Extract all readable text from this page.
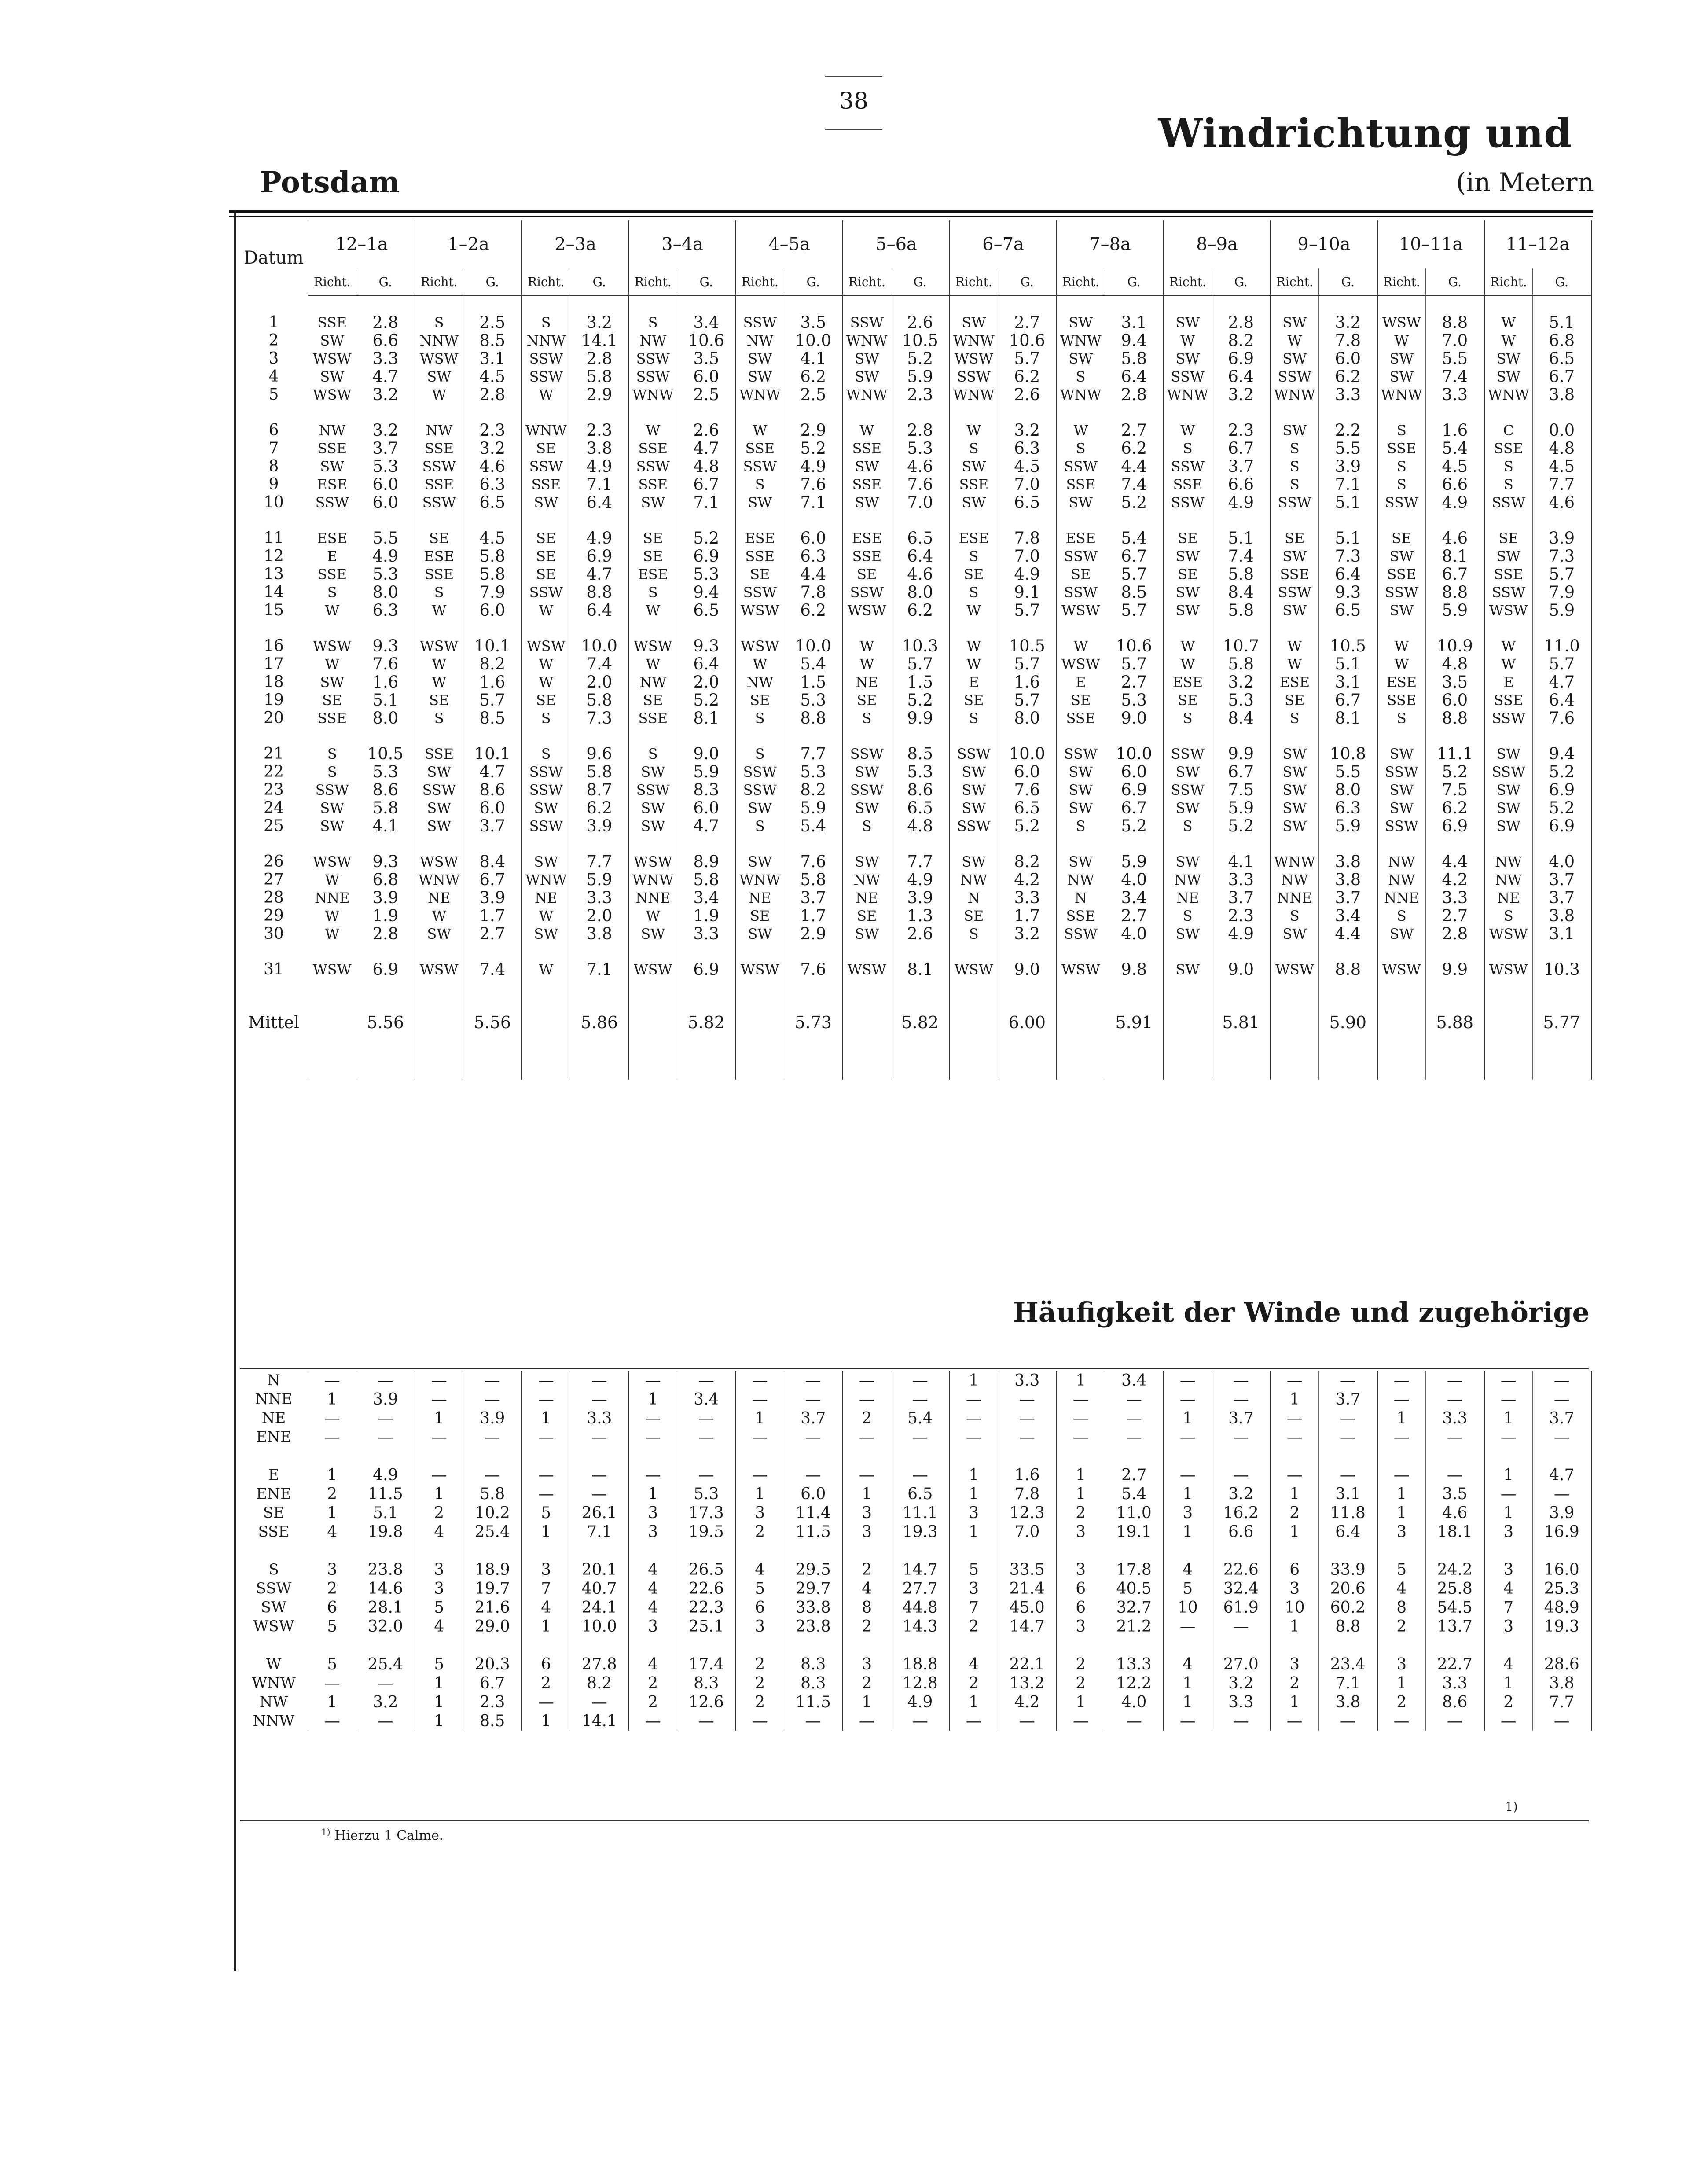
38
Windrichtung und
(in Metern
Potsdam
Datum	12–1a		1–2a		2–3a		3–4a		4–5a		5–6a		6–7a		7–8a		8–9a		9–10a		10–11a		11–12a	
	Richt.	G.	Richt.	G.	Richt.	G.	Richt.	G.	Richt.	G.	Richt.	G.	Richt.	G.	Richt.	G.	Richt.	G.	Richt.	G.	Richt.	G.	Richt.	G.

1	SSE	2.8	S	2.5	S	3.2	S	3.4	SSW	3.5	SSW	2.6	SW	2.7	SW	3.1	SW	2.8	SW	3.2	WSW	8.8	W	5.1
2	SW	6.6	NNW	8.5	NNW	14.1	NW	10.6	NW	10.0	WNW	10.5	WNW	10.6	WNW	9.4	W	8.2	W	7.8	W	7.0	W	6.8
3	WSW	3.3	WSW	3.1	SSW	2.8	SSW	3.5	SW	4.1	SW	5.2	WSW	5.7	SW	5.8	SW	6.9	SW	6.0	SW	5.5	SW	6.5
4	SW	4.7	SW	4.5	SSW	5.8	SSW	6.0	SW	6.2	SW	5.9	SSW	6.2	S	6.4	SSW	6.4	SSW	6.2	SW	7.4	SW	6.7
5	WSW	3.2	W	2.8	W	2.9	WNW	2.5	WNW	2.5	WNW	2.3	WNW	2.6	WNW	2.8	WNW	3.2	WNW	3.3	WNW	3.3	WNW	3.8

6	NW	3.2	NW	2.3	WNW	2.3	W	2.6	W	2.9	W	2.8	W	3.2	W	2.7	W	2.3	SW	2.2	S	1.6	C	0.0
7	SSE	3.7	SSE	3.2	SE	3.8	SSE	4.7	SSE	5.2	SSE	5.3	S	6.3	S	6.2	S	6.7	S	5.5	SSE	5.4	SSE	4.8
8	SW	5.3	SSW	4.6	SSW	4.9	SSW	4.8	SSW	4.9	SW	4.6	SW	4.5	SSW	4.4	SSW	3.7	S	3.9	S	4.5	S	4.5
9	ESE	6.0	SSE	6.3	SSE	7.1	SSE	6.7	S	7.6	SSE	7.6	SSE	7.0	SSE	7.4	SSE	6.6	S	7.1	S	6.6	S	7.7
10	SSW	6.0	SSW	6.5	SW	6.4	SW	7.1	SW	7.1	SW	7.0	SW	6.5	SW	5.2	SSW	4.9	SSW	5.1	SSW	4.9	SSW	4.6

11	ESE	5.5	SE	4.5	SE	4.9	SE	5.2	ESE	6.0	ESE	6.5	ESE	7.8	ESE	5.4	SE	5.1	SE	5.1	SE	4.6	SE	3.9
12	E	4.9	ESE	5.8	SE	6.9	SE	6.9	SSE	6.3	SSE	6.4	S	7.0	SSW	6.7	SW	7.4	SW	7.3	SW	8.1	SW	7.3
13	SSE	5.3	SSE	5.8	SE	4.7	ESE	5.3	SE	4.4	SE	4.6	SE	4.9	SE	5.7	SE	5.8	SSE	6.4	SSE	6.7	SSE	5.7
14	S	8.0	S	7.9	SSW	8.8	S	9.4	SSW	7.8	SSW	8.0	S	9.1	SSW	8.5	SW	8.4	SSW	9.3	SSW	8.8	SSW	7.9
15	W	6.3	W	6.0	W	6.4	W	6.5	WSW	6.2	WSW	6.2	W	5.7	WSW	5.7	SW	5.8	SW	6.5	SW	5.9	WSW	5.9

16	WSW	9.3	WSW	10.1	WSW	10.0	WSW	9.3	WSW	10.0	W	10.3	W	10.5	W	10.6	W	10.7	W	10.5	W	10.9	W	11.0
17	W	7.6	W	8.2	W	7.4	W	6.4	W	5.4	W	5.7	W	5.7	WSW	5.7	W	5.8	W	5.1	W	4.8	W	5.7
18	SW	1.6	W	1.6	W	2.0	NW	2.0	NW	1.5	NE	1.5	E	1.6	E	2.7	ESE	3.2	ESE	3.1	ESE	3.5	E	4.7
19	SE	5.1	SE	5.7	SE	5.8	SE	5.2	SE	5.3	SE	5.2	SE	5.7	SE	5.3	SE	5.3	SE	6.7	SSE	6.0	SSE	6.4
20	SSE	8.0	S	8.5	S	7.3	SSE	8.1	S	8.8	S	9.9	S	8.0	SSE	9.0	S	8.4	S	8.1	S	8.8	SSW	7.6

21	S	10.5	SSE	10.1	S	9.6	S	9.0	S	7.7	SSW	8.5	SSW	10.0	SSW	10.0	SSW	9.9	SW	10.8	SW	11.1	SW	9.4
22	S	5.3	SW	4.7	SSW	5.8	SW	5.9	SSW	5.3	SW	5.3	SW	6.0	SW	6.0	SW	6.7	SW	5.5	SSW	5.2	SSW	5.2
23	SSW	8.6	SSW	8.6	SSW	8.7	SSW	8.3	SSW	8.2	SSW	8.6	SW	7.6	SW	6.9	SSW	7.5	SW	8.0	SW	7.5	SW	6.9
24	SW	5.8	SW	6.0	SW	6.2	SW	6.0	SW	5.9	SW	6.5	SW	6.5	SW	6.7	SW	5.9	SW	6.3	SW	6.2	SW	5.2
25	SW	4.1	SW	3.7	SSW	3.9	SW	4.7	S	5.4	S	4.8	SSW	5.2	S	5.2	S	5.2	SW	5.9	SSW	6.9	SW	6.9

26	WSW	9.3	WSW	8.4	SW	7.7	WSW	8.9	SW	7.6	SW	7.7	SW	8.2	SW	5.9	SW	4.1	WNW	3.8	NW	4.4	NW	4.0
27	W	6.8	WNW	6.7	WNW	5.9	WNW	5.8	WNW	5.8	NW	4.9	NW	4.2	NW	4.0	NW	3.3	NW	3.8	NW	4.2	NW	3.7
28	NNE	3.9	NE	3.9	NE	3.3	NNE	3.4	NE	3.7	NE	3.9	N	3.3	N	3.4	NE	3.7	NNE	3.7	NNE	3.3	NE	3.7
29	W	1.9	W	1.7	W	2.0	W	1.9	SE	1.7	SE	1.3	SE	1.7	SSE	2.7	S	2.3	S	3.4	S	2.7	S	3.8
30	W	2.8	SW	2.7	SW	3.8	SW	3.3	SW	2.9	SW	2.6	S	3.2	SSW	4.0	SW	4.9	SW	4.4	SW	2.8	WSW	3.1

31	WSW	6.9	WSW	7.4	W	7.1	WSW	6.9	WSW	7.6	WSW	8.1	WSW	9.0	WSW	9.8	SW	9.0	WSW	8.8	WSW	9.9	WSW	10.3

Mittel		5.56		5.56		5.86		5.82		5.73		5.82		6.00		5.91		5.81		5.90		5.88		5.77

Häufigkeit der Winde und zugehörige
N	—	—	—	—	—	—	—	—	—	—	—	—	1	3.3	1	3.4	—	—	—	—	—	—	—	—
NNE	1	3.9	—	—	—	—	1	3.4	—	—	—	—	—	—	—	—	—	—	1	3.7	—	—	—	—
NE	—	—	1	3.9	1	3.3	—	—	1	3.7	2	5.4	—	—	—	—	1	3.7	—	—	1	3.3	1	3.7
ENE	—	—	—	—	—	—	—	—	—	—	—	—	—	—	—	—	—	—	—	—	—	—	—	—

E	1	4.9	—	—	—	—	—	—	—	—	—	—	1	1.6	1	2.7	—	—	—	—	—	—	1	4.7
ENE	2	11.5	1	5.8	—	—	1	5.3	1	6.0	1	6.5	1	7.8	1	5.4	1	3.2	1	3.1	1	3.5	—	—
SE	1	5.1	2	10.2	5	26.1	3	17.3	3	11.4	3	11.1	3	12.3	2	11.0	3	16.2	2	11.8	1	4.6	1	3.9
SSE	4	19.8	4	25.4	1	7.1	3	19.5	2	11.5	3	19.3	1	7.0	3	19.1	1	6.6	1	6.4	3	18.1	3	16.9

S	3	23.8	3	18.9	3	20.1	4	26.5	4	29.5	2	14.7	5	33.5	3	17.8	4	22.6	6	33.9	5	24.2	3	16.0
SSW	2	14.6	3	19.7	7	40.7	4	22.6	5	29.7	4	27.7	3	21.4	6	40.5	5	32.4	3	20.6	4	25.8	4	25.3
SW	6	28.1	5	21.6	4	24.1	4	22.3	6	33.8	8	44.8	7	45.0	6	32.7	10	61.9	10	60.2	8	54.5	7	48.9
WSW	5	32.0	4	29.0	1	10.0	3	25.1	3	23.8	2	14.3	2	14.7	3	21.2	—	—	1	8.8	2	13.7	3	19.3

W	5	25.4	5	20.3	6	27.8	4	17.4	2	8.3	3	18.8	4	22.1	2	13.3	4	27.0	3	23.4	3	22.7	4	28.6
WNW	—	—	1	6.7	2	8.2	2	8.3	2	8.3	2	12.8	2	13.2	2	12.2	1	3.2	2	7.1	1	3.3	1	3.8
NW	1	3.2	1	2.3	—	—	2	12.6	2	11.5	1	4.9	1	4.2	1	4.0	1	3.3	1	3.8	2	8.6	2	7.7
NNW	—	—	1	8.5	1	14.1	—	—	—	—	—	—	—	—	—	—	—	—	—	—	—	—	—	—
1)
$^{1)}$ Hierzu 1 Calme.
